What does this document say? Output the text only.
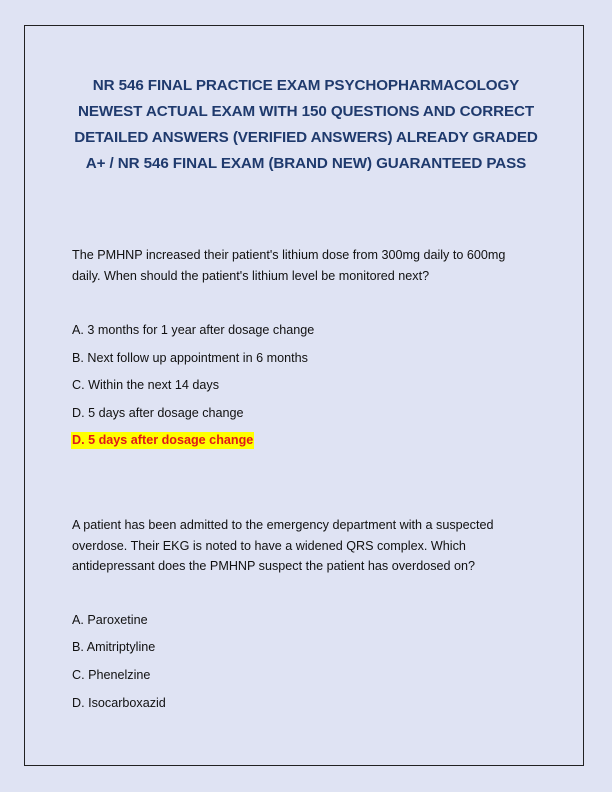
NR 546 FINAL PRACTICE EXAM PSYCHOPHARMACOLOGY
NEWEST ACTUAL EXAM WITH 150 QUESTIONS AND CORRECT
DETAILED ANSWERS (VERIFIED ANSWERS) ALREADY GRADED
A+ / NR 546 FINAL EXAM (BRAND NEW) GUARANTEED PASS

The PMHNP increased their patient's lithium dose from 300mg daily to 600mg
daily. When should the patient's lithium level be monitored next?

A. 3 months for 1 year after dosage change

B. Next follow up appointment in 6 months

C. Within the next 14 days

D. 5 days after dosage change

D. 5 days after dosage change

A patient has been admitted to the emergency department with a suspected
overdose. Their EKG is noted to have a widened QRS complex. Which
antidepressant does the PMHNP suspect the patient has overdosed on?

A. Paroxetine

B. Amitriptyline

C. Phenelzine

D. Isocarboxazid
